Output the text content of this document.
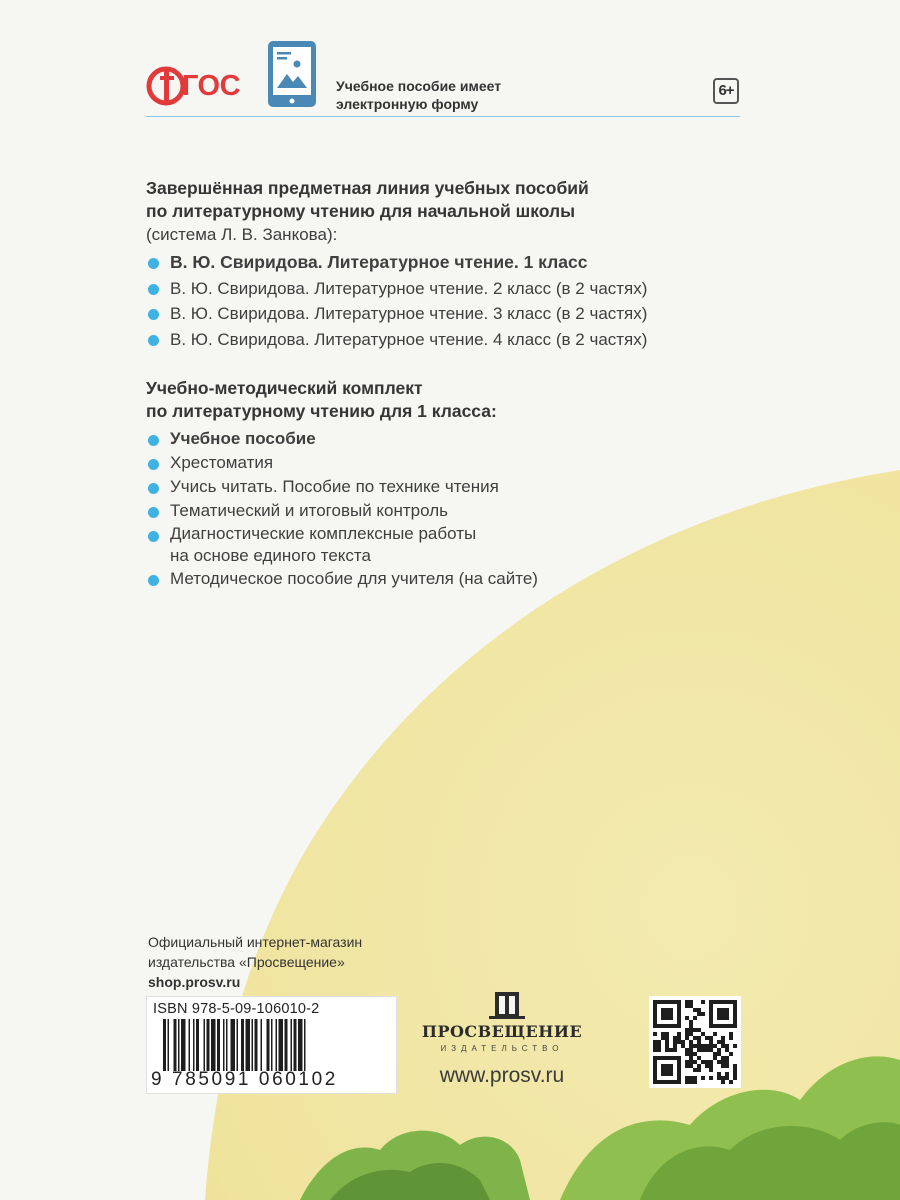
ГОС	Учебное пособие имеет электронную форму
6+
Завершённая предметная линия учебных пособий
по литературному чтению для начальной школы
(система Л. В. Занкова):
В. Ю. Свиридова. Литературное чтение. 1 класс
В. Ю. Свиридова. Литературное чтение. 2 класс (в 2 частях)
В. Ю. Свиридова. Литературное чтение. 3 класс (в 2 частях)
В. Ю. Свиридова. Литературное чтение. 4 класс (в 2 частях)
Учебно-методический комплект
по литературному чтению для 1 класса:
Учебное пособие
Хрестоматия
Учись читать. Пособие по технике чтения
Тематический и итоговый контроль
Диагностические комплексные работы
на основе единого текста
Методическое пособие для учителя (на сайте)
Официальный интернет-магазин
издательства «Просвещение»
shop.prosv.ru
ISBN 978-5-09-106010-2
9 785091 060102
ПРОСВЕЩЕНИЕ
ИЗДАТЕЛЬСТВО
www.prosv.ru
